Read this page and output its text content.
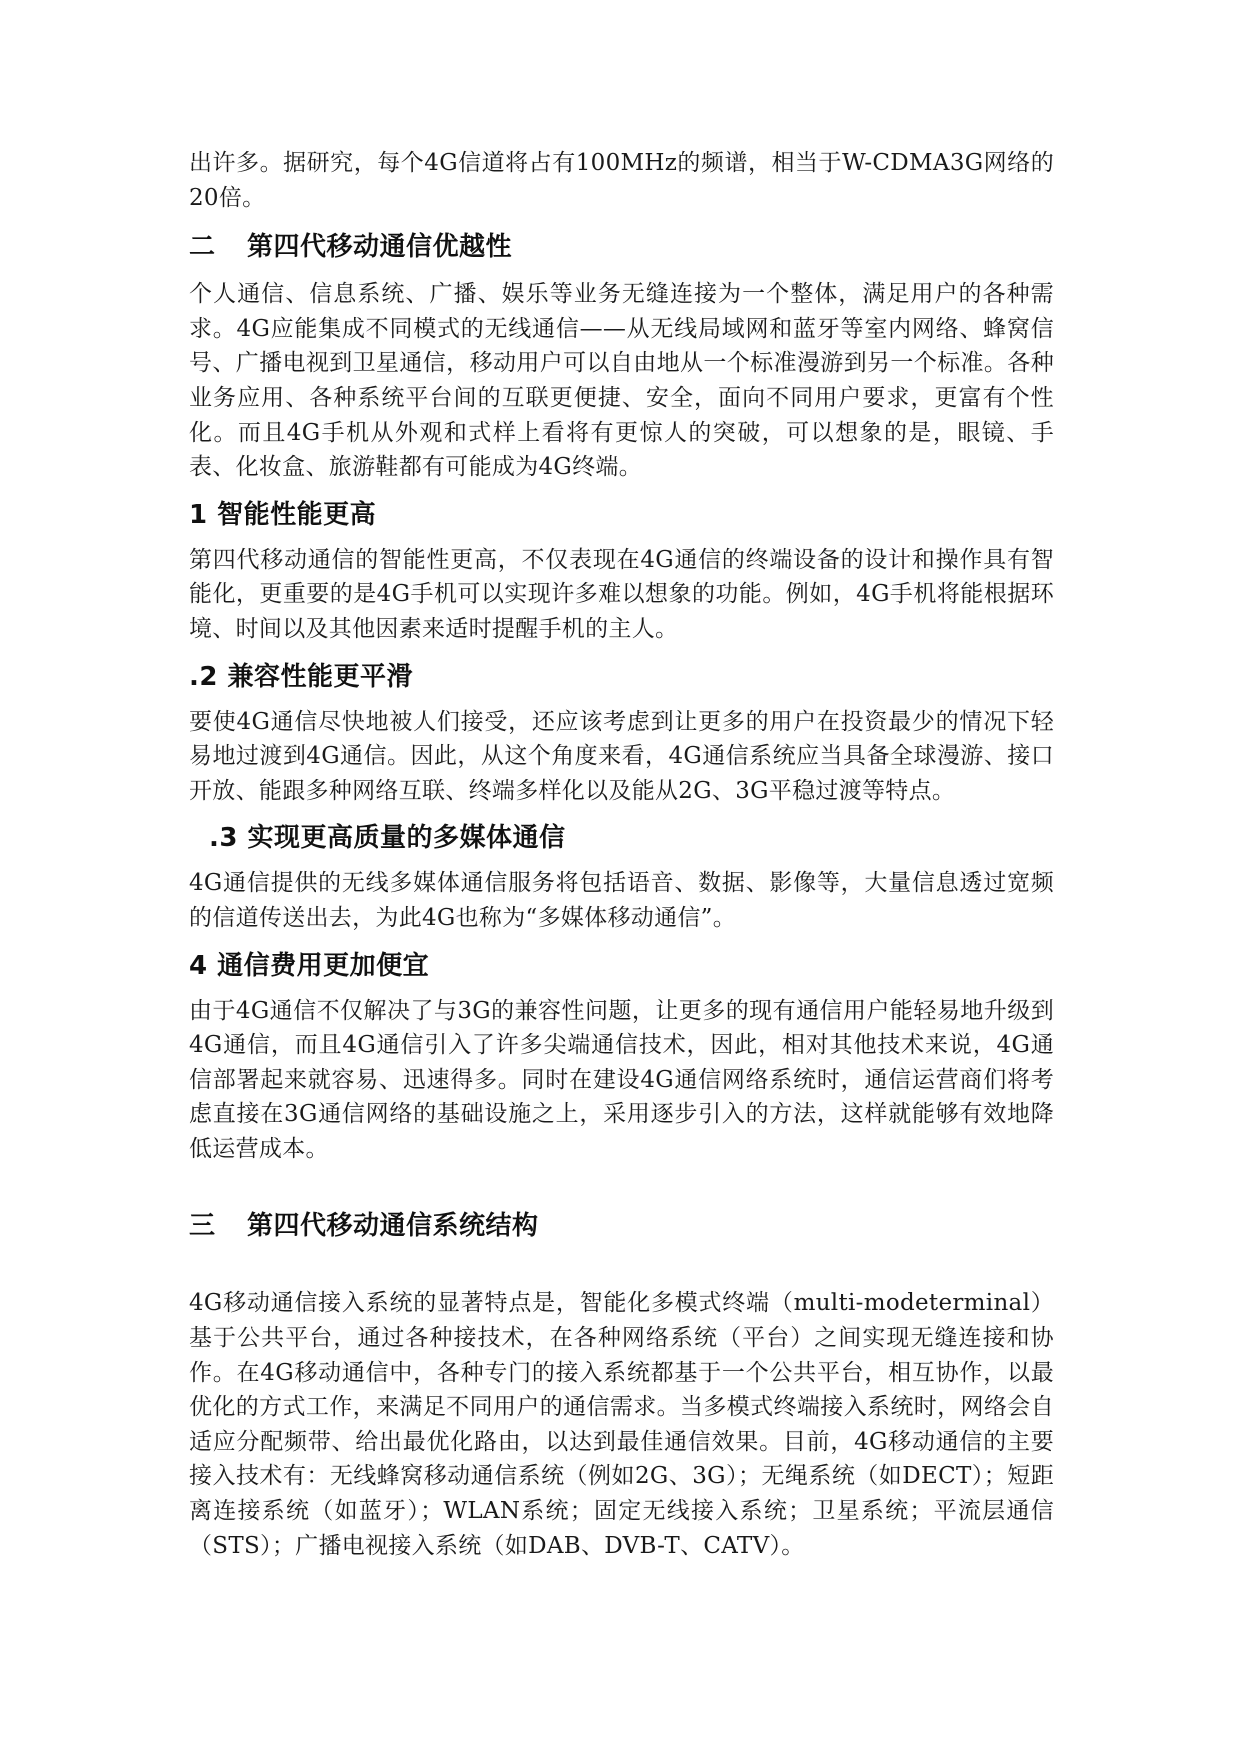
出许多。据研究，每个4G信道将占有100MHz的频谱，相当于W-CDMA3G网络的20倍。

二 第四代移动通信优越性

个人通信、信息系统、广播、娱乐等业务无缝连接为一个整体，满足用户的各种需求。4G应能集成不同模式的无线通信——从无线局域网和蓝牙等室内网络、蜂窝信号、广播电视到卫星通信，移动用户可以自由地从一个标准漫游到另一个标准。各种业务应用、各种系统平台间的互联更便捷、安全，面向不同用户要求，更富有个性化。而且4G手机从外观和式样上看将有更惊人的突破，可以想象的是，眼镜、手表、化妆盒、旅游鞋都有可能成为4G终端。

1 智能性能更高

第四代移动通信的智能性更高，不仅表现在4G通信的终端设备的设计和操作具有智能化，更重要的是4G手机可以实现许多难以想象的功能。例如，4G手机将能根据环境、时间以及其他因素来适时提醒手机的主人。

.2 兼容性能更平滑

要使4G通信尽快地被人们接受，还应该考虑到让更多的用户在投资最少的情况下轻易地过渡到4G通信。因此，从这个角度来看，4G通信系统应当具备全球漫游、接口开放、能跟多种网络互联、终端多样化以及能从2G、3G平稳过渡等特点。

.3 实现更高质量的多媒体通信

4G通信提供的无线多媒体通信服务将包括语音、数据、影像等，大量信息透过宽频的信道传送出去，为此4G也称为“多媒体移动通信”。

4 通信费用更加便宜

由于4G通信不仅解决了与3G的兼容性问题，让更多的现有通信用户能轻易地升级到4G通信，而且4G通信引入了许多尖端通信技术，因此，相对其他技术来说，4G通信部署起来就容易、迅速得多。同时在建设4G通信网络系统时，通信运营商们将考虑直接在3G通信网络的基础设施之上，采用逐步引入的方法，这样就能够有效地降低运营成本。

三 第四代移动通信系统结构

4G移动通信接入系统的显著特点是，智能化多模式终端（multi-modeterminal）基于公共平台，通过各种接技术，在各种网络系统（平台）之间实现无缝连接和协作。在4G移动通信中，各种专门的接入系统都基于一个公共平台，相互协作，以最优化的方式工作，来满足不同用户的通信需求。当多模式终端接入系统时，网络会自适应分配频带、给出最优化路由，以达到最佳通信效果。目前，4G移动通信的主要接入技术有：无线蜂窝移动通信系统（例如2G、3G）；无绳系统（如DECT）；短距离连接系统（如蓝牙）；WLAN系统；固定无线接入系统；卫星系统；平流层通信（STS）；广播电视接入系统（如DAB、DVB-T、CATV）。
